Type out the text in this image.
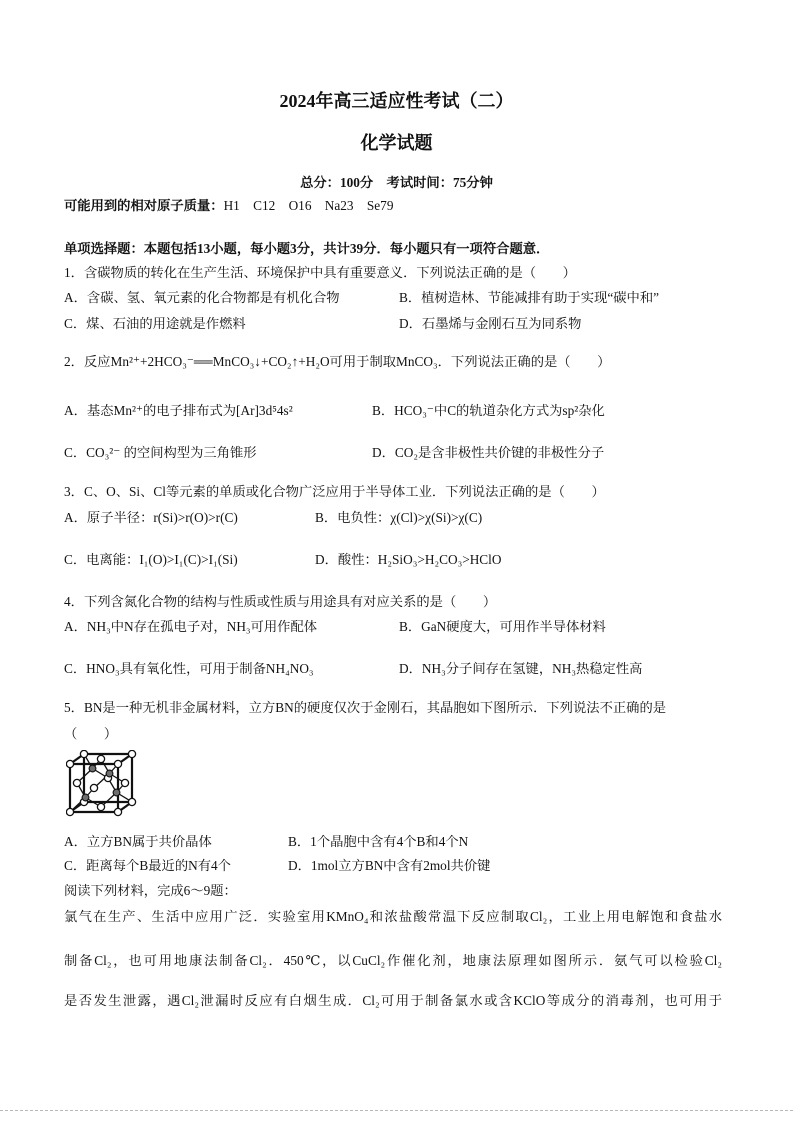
2024年高三适应性考试（二）
化学试题
总分：100分　考试时间：75分钟
可能用到的相对原子质量：H1　C12　O16　Na23　Se79
单项选择题：本题包括13小题，每小题3分，共计39分．每小题只有一项符合题意．
1．含碳物质的转化在生产生活、环境保护中具有重要意义．下列说法正确的是（　　）
A．含碳、氢、氧元素的化合物都是有机化合物	B．植树造林、节能减排有助于实现“碳中和”
C．煤、石油的用途就是作燃料	D．石墨烯与金刚石互为同系物
2．反应Mn²⁺+2HCO₃⁻══MnCO₃↓+CO₂↑+H₂O可用于制取MnCO₃．下列说法正确的是（　　）
A．基态Mn²⁺的电子排布式为[Ar]3d⁵4s²	B．HCO₃⁻中C的轨道杂化方式为sp²杂化
C．CO₃²⁻ 的空间构型为三角锥形	D．CO₂是含非极性共价键的非极性分子
3．C、O、Si、Cl等元素的单质或化合物广泛应用于半导体工业．下列说法正确的是（　　）
A．原子半径：r(Si)>r(O)>r(C)	B．电负性：χ(Cl)>χ(Si)>χ(C)
C．电离能：I₁(O)>I₁(C)>I₁(Si)	D．酸性：H₂SiO₃>H₂CO₃>HClO
4．下列含氮化合物的结构与性质或性质与用途具有对应关系的是（　　）
A．NH₃中N存在孤电子对，NH₃可用作配体	B．GaN硬度大，可用作半导体材料
C．HNO₃具有氧化性，可用于制备NH₄NO₃	D．NH₃分子间存在氢键，NH₃热稳定性高
5．BN是一种无机非金属材料，立方BN的硬度仅次于金刚石，其晶胞如下图所示．下列说法不正确的是
（　　）
A．立方BN属于共价晶体	B．1个晶胞中含有4个B和4个N
C．距离每个B最近的N有4个	D．1mol立方BN中含有2mol共价键
阅读下列材料，完成6～9题：
氯气在生产、生活中应用广泛．实验室用KMnO₄和浓盐酸常温下反应制取Cl₂，工业上用电解饱和食盐水
制备Cl₂，也可用地康法制备Cl₂．450℃，以CuCl₂作催化剂，地康法原理如图所示．氨气可以检验Cl₂
是否发生泄露，遇Cl₂泄漏时反应有白烟生成．Cl₂可用于制备氯水或含KClO等成分的消毒剂，也可用于
